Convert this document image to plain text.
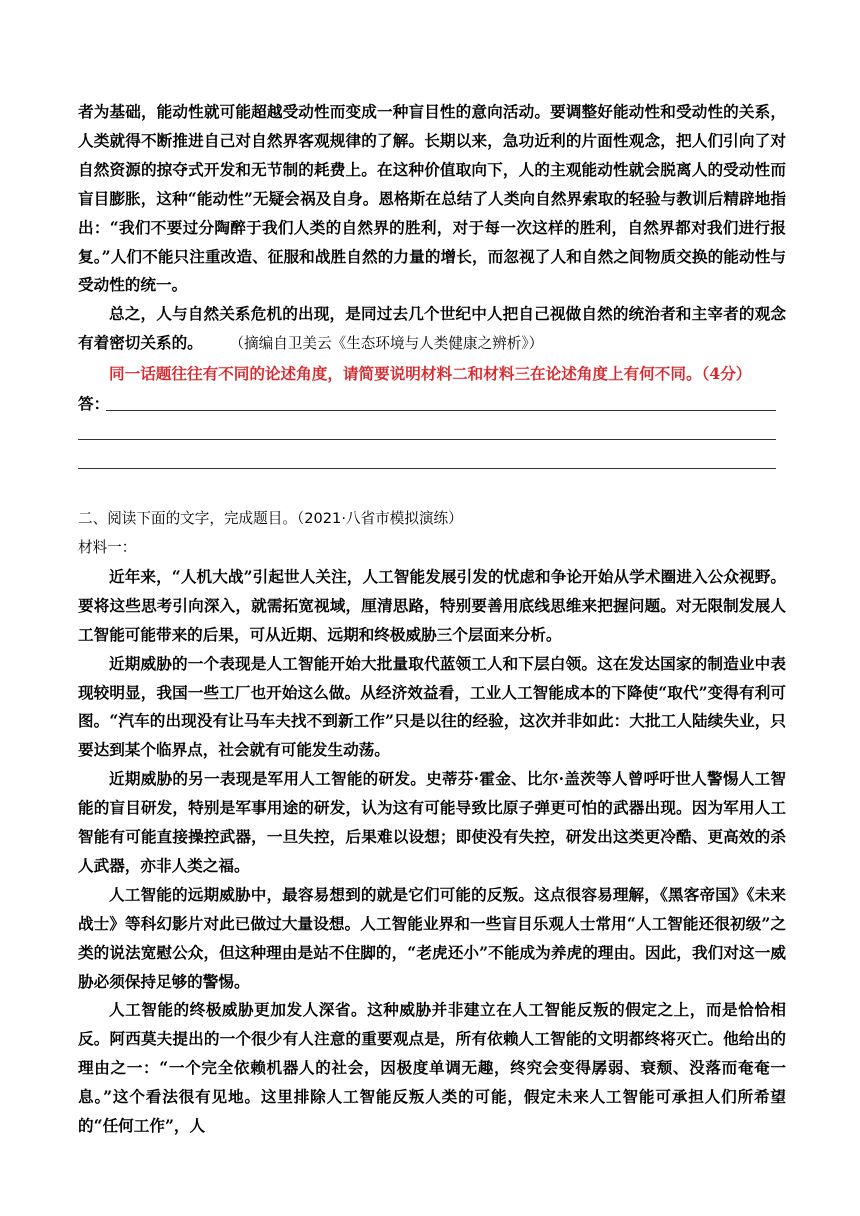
者为基础，能动性就可能超越受动性而变成一种盲目性的意向活动。要调整好能动性和受动性的关系，人类就得不断推进自己对自然界客观规律的了解。长期以来，急功近利的片面性观念，把人们引向了对自然资源的掠夺式开发和无节制的耗费上。在这种价值取向下，人的主观能动性就会脱离人的受动性而盲目膨胀，这种“能动性”无疑会祸及自身。恩格斯在总结了人类向自然界索取的轻验与教训后精辟地指出：“我们不要过分陶醉于我们人类的自然界的胜利，对于每一次这样的胜利，自然界都对我们进行报复。”人们不能只注重改造、征服和战胜自然的力量的增长，而忽视了人和自然之间物质交换的能动性与受动性的统一。

总之，人与自然关系危机的出现，是同过去几个世纪中人把自己视做自然的统治者和主宰者的观念有着密切关系的。 （摘编自卫美云《生态环境与人类健康之辨析》）

同一话题往往有不同的论述角度，请简要说明材料二和材料三在论述角度上有何不同。（4分）

答：

二、阅读下面的文字，完成题目。（2021·八省市模拟演练）

材料一：

近年来，“人机大战”引起世人关注，人工智能发展引发的忧虑和争论开始从学术圈进入公众视野。要将这些思考引向深入，就需拓宽视域，厘清思路，特别要善用底线思维来把握问题。对无限制发展人工智能可能带来的后果，可从近期、远期和终极威胁三个层面来分析。

近期威胁的一个表现是人工智能开始大批量取代蓝领工人和下层白领。这在发达国家的制造业中表现较明显，我国一些工厂也开始这么做。从经济效益看，工业人工智能成本的下降使“取代”变得有利可图。“汽车的出现没有让马车夫找不到新工作”只是以往的经验，这次并非如此：大批工人陆续失业，只要达到某个临界点，社会就有可能发生动荡。

近期威胁的另一表现是军用人工智能的研发。史蒂芬·霍金、比尔·盖茨等人曾呼吁世人警惕人工智能的盲目研发，特别是军事用途的研发，认为这有可能导致比原子弹更可怕的武器出现。因为军用人工智能有可能直接操控武器，一旦失控，后果难以设想；即使没有失控，研发出这类更冷酷、更高效的杀人武器，亦非人类之福。

人工智能的远期威胁中，最容易想到的就是它们可能的反叛。这点很容易理解，《黑客帝国》《未来战士》等科幻影片对此已做过大量设想。人工智能业界和一些盲目乐观人士常用“人工智能还很初级”之类的说法宽慰公众，但这种理由是站不住脚的，“老虎还小”不能成为养虎的理由。因此，我们对这一威胁必须保持足够的警惕。

人工智能的终极威胁更加发人深省。这种威胁并非建立在人工智能反叛的假定之上，而是恰恰相反。阿西莫夫提出的一个很少有人注意的重要观点是，所有依赖人工智能的文明都终将灭亡。他给出的理由之一：“一个完全依赖机器人的社会，因极度单调无趣，终究会变得孱弱、衰颓、没落而奄奄一息。”这个看法很有见地。这里排除人工智能反叛人类的可能，假定未来人工智能可承担人们所希望的“任何工作”，人
